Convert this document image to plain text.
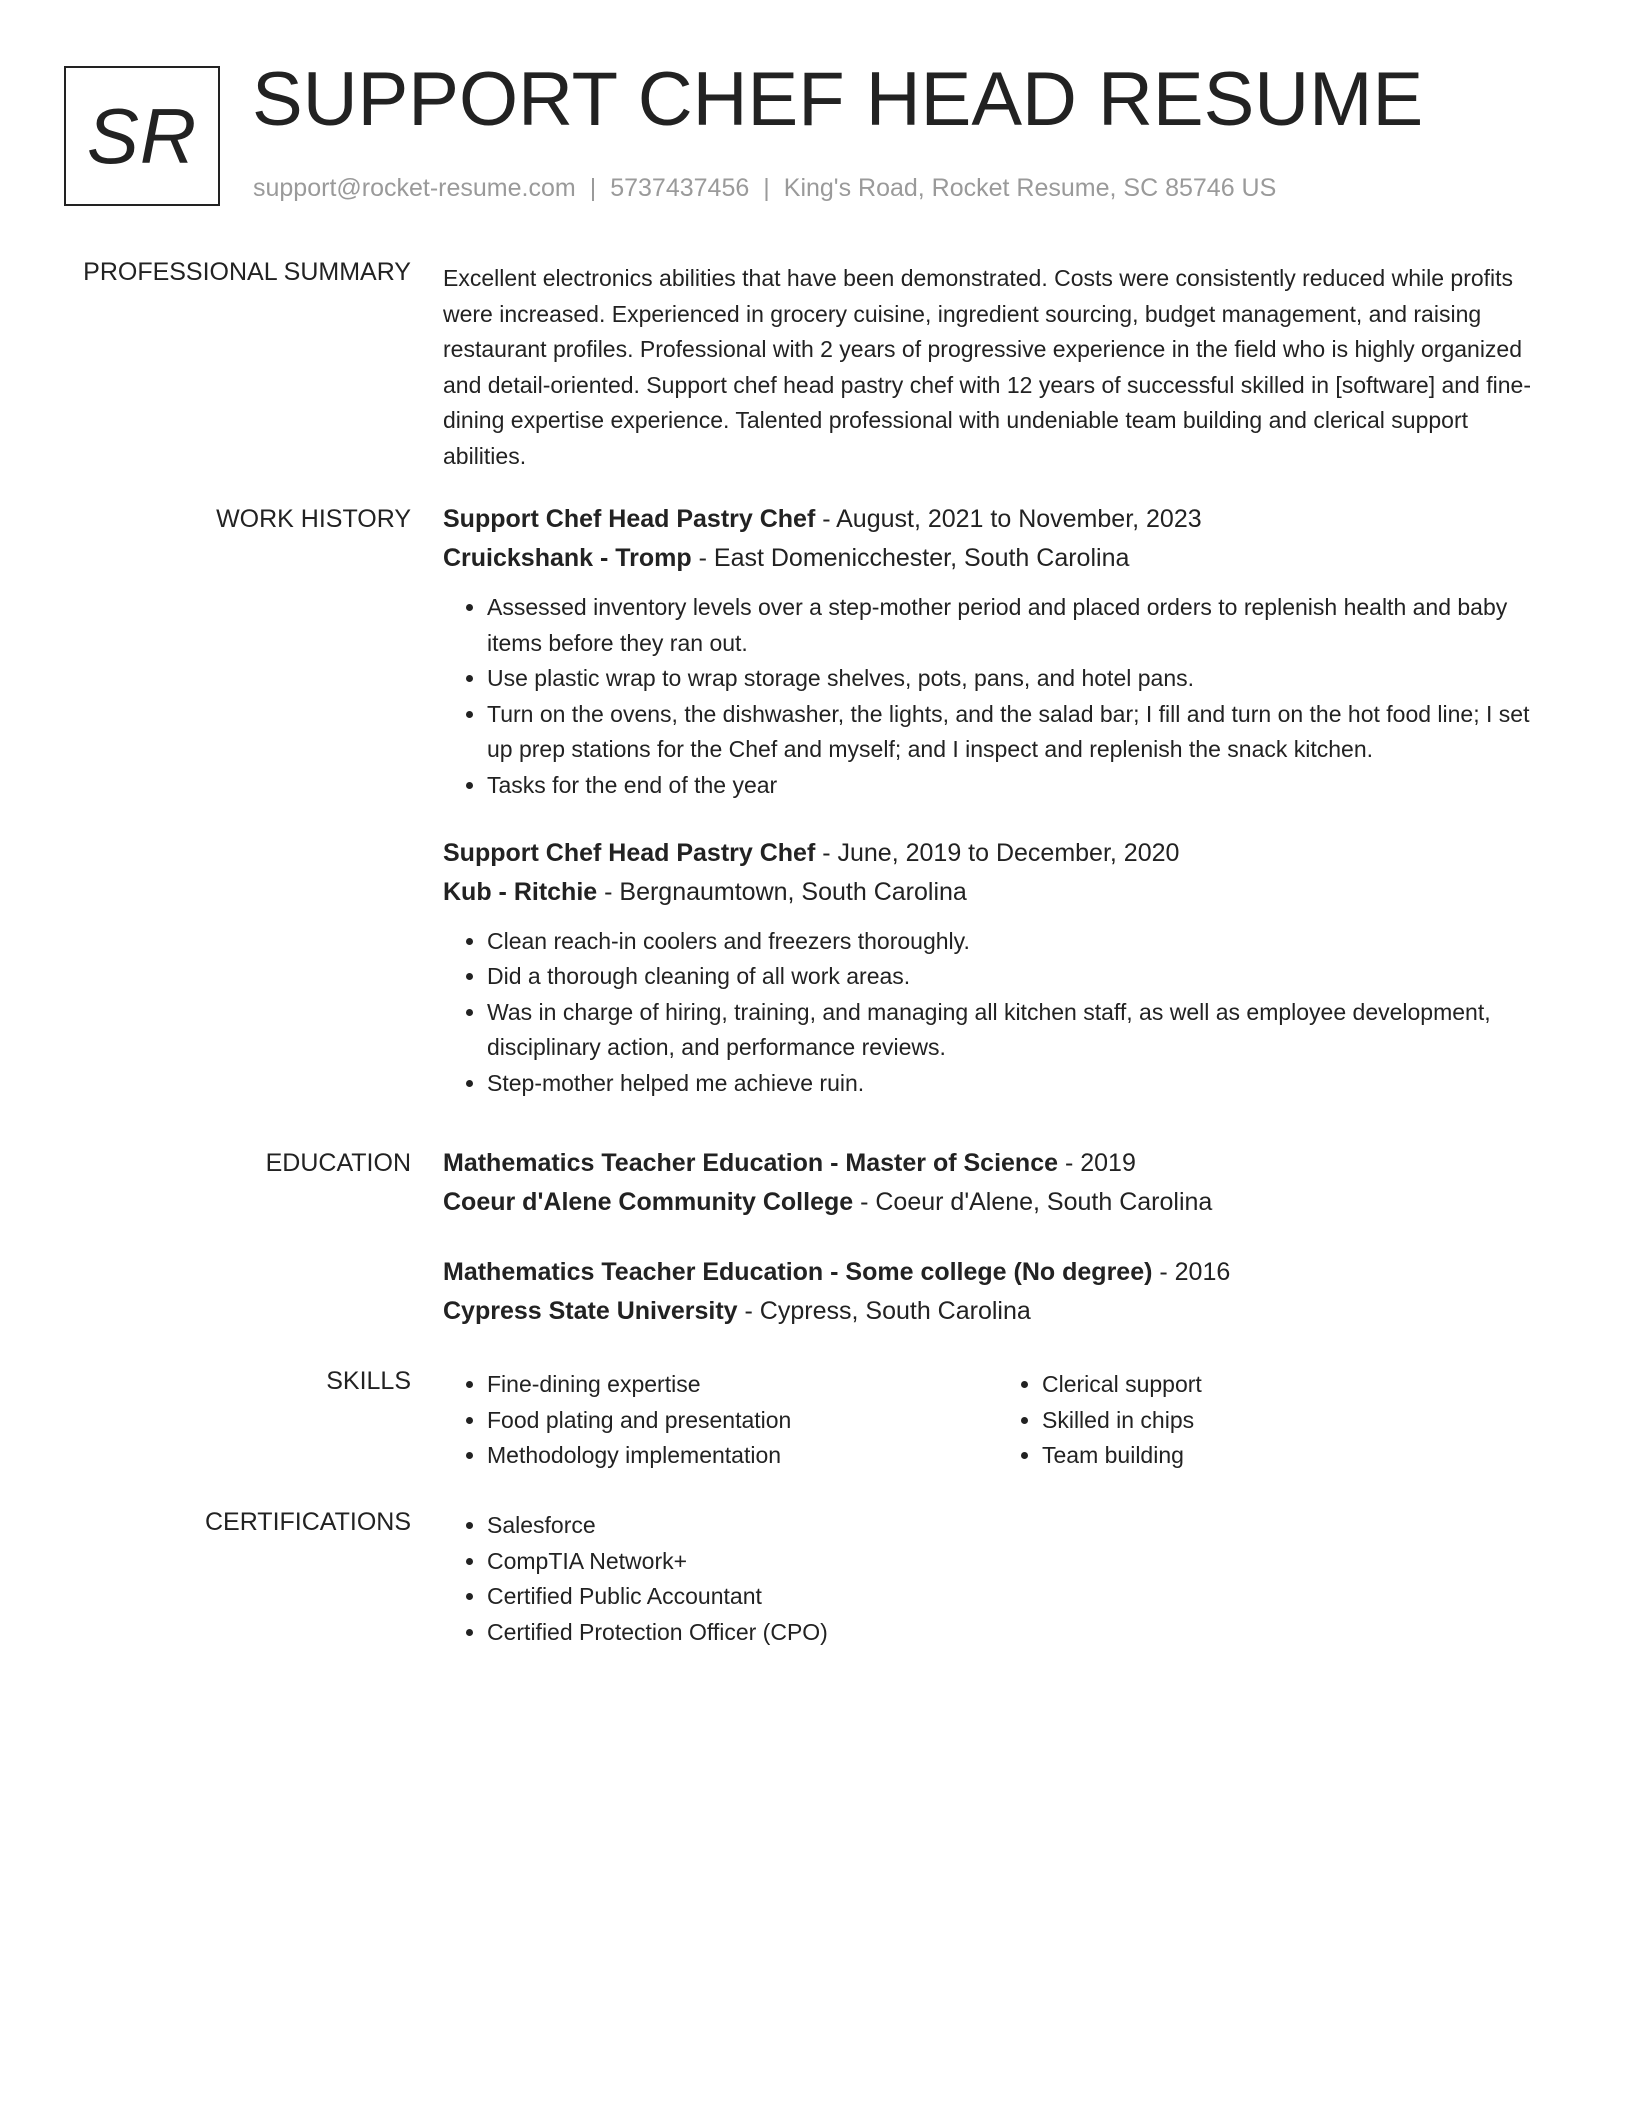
SR SUPPORT CHEF HEAD RESUME
support@rocket-resume.com | 5737437456 | King's Road, Rocket Resume, SC 85746 US
PROFESSIONAL SUMMARY Excellent electronics abilities that have been demonstrated. Costs were consistently reduced while profits were increased. Experienced in grocery cuisine, ingredient sourcing, budget management, and raising restaurant profiles. Professional with 2 years of progressive experience in the field who is highly organized and detail-oriented. Support chef head pastry chef with 12 years of successful skilled in [software] and fine-dining expertise experience. Talented professional with undeniable team building and clerical support abilities.

WORK HISTORY Support Chef Head Pastry Chef - August, 2021 to November, 2023
Cruickshank - Tromp - East Domenicchester, South Carolina
• Assessed inventory levels over a step-mother period and placed orders to replenish health and baby items before they ran out.
• Use plastic wrap to wrap storage shelves, pots, pans, and hotel pans.
• Turn on the ovens, the dishwasher, the lights, and the salad bar; I fill and turn on the hot food line; I set up prep stations for the Chef and myself; and I inspect and replenish the snack kitchen.
• Tasks for the end of the year
Support Chef Head Pastry Chef - June, 2019 to December, 2020
Kub - Ritchie - Bergnaumtown, South Carolina
• Clean reach-in coolers and freezers thoroughly.
• Did a thorough cleaning of all work areas.
• Was in charge of hiring, training, and managing all kitchen staff, as well as employee development, disciplinary action, and performance reviews.
• Step-mother helped me achieve ruin.
EDUCATION Mathematics Teacher Education - Master of Science - 2019
Coeur d'Alene Community College - Coeur d'Alene, South Carolina
Mathematics Teacher Education - Some college (No degree) - 2016
Cypress State University - Cypress, South Carolina
SKILLS	• Fine-dining expertise
• Food plating and presentation
• Methodology implementation
• Clerical support
• Skilled in chips
• Team building
CERTIFICATIONS	• Salesforce
• CompTIA Network+
• Certified Public Accountant
• Certified Protection Officer (CPO)
